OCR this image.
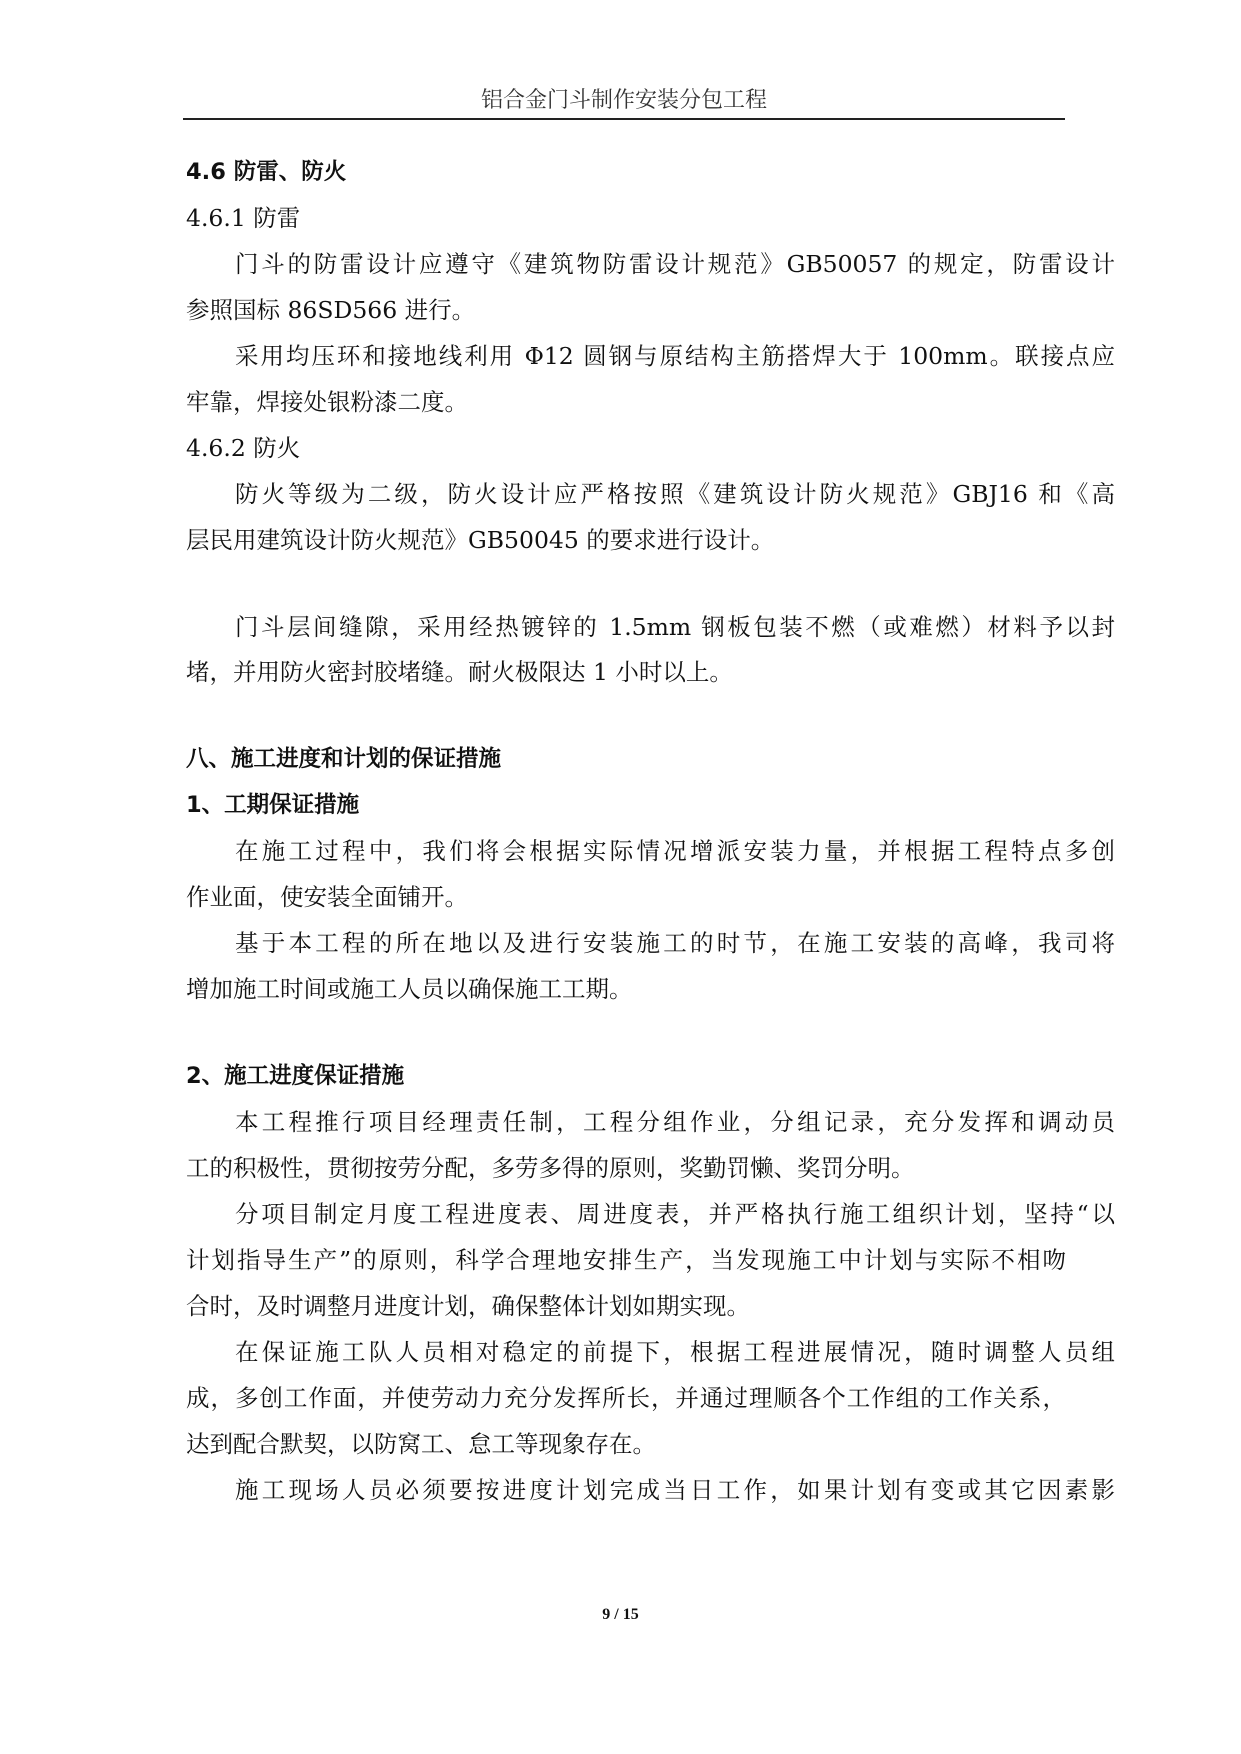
铝合金门斗制作安装分包工程
4.6 防雷、防火
4.6.1 防雷
门斗的防雷设计应遵守《建筑物防雷设计规范》GB50057 的规定，防雷设计
参照国标 86SD566 进行。
采用均压环和接地线利用 Φ12 圆钢与原结构主筋搭焊大于 100mm。联接点应
牢靠，焊接处银粉漆二度。
4.6.2 防火
防火等级为二级，防火设计应严格按照《建筑设计防火规范》GBJ16 和《高
层民用建筑设计防火规范》GB50045 的要求进行设计。
门斗层间缝隙，采用经热镀锌的 1.5mm 钢板包装不燃（或难燃）材料予以封
堵，并用防火密封胶堵缝。耐火极限达 1 小时以上。
八、施工进度和计划的保证措施
1、工期保证措施
在施工过程中，我们将会根据实际情况增派安装力量，并根据工程特点多创
作业面，使安装全面铺开。
基于本工程的所在地以及进行安装施工的时节，在施工安装的高峰，我司将
增加施工时间或施工人员以确保施工工期。
2、施工进度保证措施
本工程推行项目经理责任制，工程分组作业，分组记录，充分发挥和调动员
工的积极性，贯彻按劳分配，多劳多得的原则，奖勤罚懒、奖罚分明。
分项目制定月度工程进度表、周进度表，并严格执行施工组织计划，坚持“以
计划指导生产”的原则，科学合理地安排生产，当发现施工中计划与实际不相吻
合时，及时调整月进度计划，确保整体计划如期实现。
在保证施工队人员相对稳定的前提下，根据工程进展情况，随时调整人员组
成，多创工作面，并使劳动力充分发挥所长，并通过理顺各个工作组的工作关系，
达到配合默契，以防窝工、怠工等现象存在。
施工现场人员必须要按进度计划完成当日工作，如果计划有变或其它因素影
9 / 15
